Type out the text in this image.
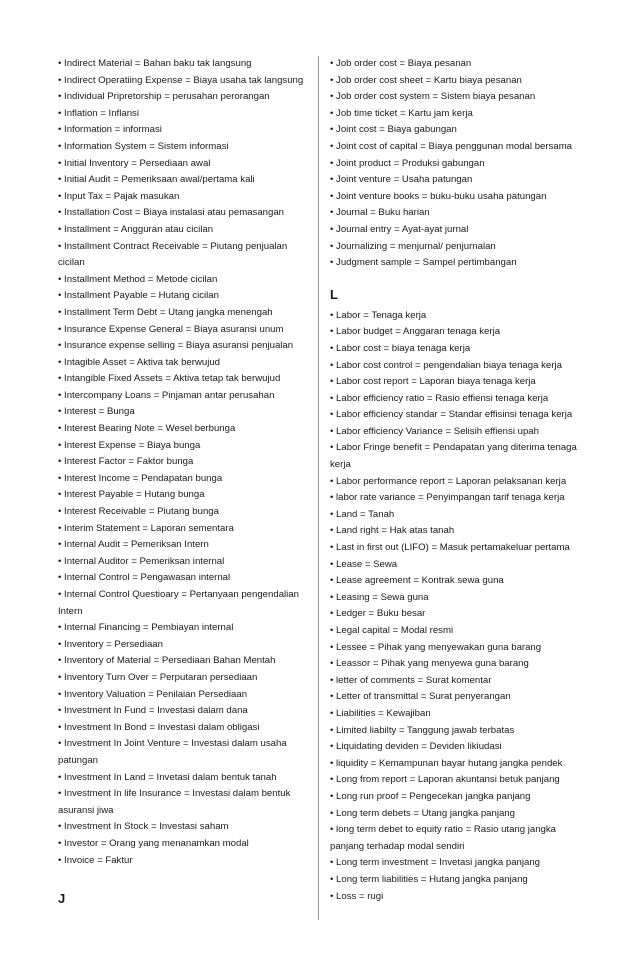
• Indirect Material = Bahan baku tak langsung
• Indirect Operatiing Expense = Biaya usaha tak langsung
• Individual Pripretorship = perusahan perorangan
• Inflation = Inflansi
• Information = informasi
• Information System = Sistem informasi
• Initial Inventory = Persediaan awal
• Initial Audit = Pemeriksaan awal/pertama kali
• Input Tax = Pajak masukan
• Installation Cost = Biaya instalasi atau pemasangan
• Installment = Angguran atau cicilan
• Installment Contract Receivable = Piutang penjualan cicilan
• Installment Method = Metode cicilan
• Installment Payable = Hutang cicilan
• Installment Term Debt = Utang jangka menengah
• Insurance Expense General = Biaya asuransi unum
• Insurance expense selling = Biaya asuransi penjualan
• Intagible Asset = Aktiva tak berwujud
• Intangible Fixed Assets = Aktiva tetap tak berwujud
• Intercompany Loans = Pinjaman antar perusahan
• Interest = Bunga
• Interest Bearing Note = Wesel berbunga
• Interest Expense = Biaya bunga
• Interest Factor = Faktor bunga
• Interest Income = Pendapatan bunga
• Interest Payable = Hutang bunga
• Interest Receivable = Piutang bunga
• Interim Statement = Laporan sementara
• Internal Audit = Pemeriksan Intern
• Internal Auditor = Pemeriksan internal
• Internal Control = Pengawasan internal
• Internal Control Questioary = Pertanyaan pengendalian Intern
• Internal Financing = Pembiayan internal
• Inventory = Persediaan
• Inventory of Material = Persediaan Bahan Mentah
• Inventory Turn Over = Perputaran persediaan
• Inventory Valuation = Penilaian Persediaan
• Investment In Fund = Investasi dalam dana
• Investment In Bond = Investasi dalam obligasi
• Investment In Joint Venture = Investasi dalam usaha patungan
• Investment In Land = Invetasi dalam bentuk tanah
• Investment In life Insurance = Investasi dalam bentuk asuransi jiwa
• Investment In Stock = Investasi saham
• Investor = Orang yang menanamkan modal
• Invoice = Faktur
J
• Job order cost = Biaya pesanan
• Job order cost sheet = Kartu biaya pesanan
• Job order cost system = Sistem biaya pesanan
• Job time ticket = Kartu jam kerja
• Joint cost = Biaya gabungan
• Joint cost of capital = Biaya penggunan modal bersama
• Joint product = Produksi gabungan
• Joint venture = Usaha patungan
• Joint venture books = buku-buku usaha patungan
• Journal = Buku harian
• Journal entry = Ayat-ayat jurnal
• Journalizing = menjurnal/ penjurnalan
• Judgment sample = Sampel pertimbangan
L
• Labor = Tenaga kerja
• Labor budget = Anggaran tenaga kerja
• Labor cost = biaya tenaga kerja
• Labor cost control = pengendalian biaya tenaga kerja
• Labor cost report = Laporan biaya tenaga kerja
• Labor efficiency ratio = Rasio effiensi tenaga kerja
• Labor efficiency standar = Standar effisinsi tenaga kerja
• Labor efficiency Variance = Selisih effiensi upah
• Labor Fringe benefit = Pendapatan yang diterima tenaga kerja
• Labor performance report = Laporan pelaksanan kerja
• labor rate variance = Penyimpangan tarif tenaga kerja
• Land = Tanah
• Land right = Hak atas tanah
• Last in first out (LIFO) = Masuk pertamakeluar pertama
• Lease = Sewa
• Lease agreement = Kontrak sewa guna
• Leasing = Sewa guna
• Ledger = Buku besar
• Legal capital = Modal resmi
• Lessee = Pihak yang menyewakan guna barang
• Leassor = Pihak yang menyewa guna barang
• letter of comments = Surat komentar
• Letter of transmittal = Surat penyerangan
• Liabilities = Kewajiban
• Limited liabilty = Tanggung jawab terbatas
• Liquidating deviden = Deviden likiudasi
• liquidity = Kemampunan bayar hutang jangka pendek
• Long from report = Laporan akuntansi betuk panjang
• Long run proof = Pengecekan jangka panjang
• Long term debets = Utang jangka panjang
• long term debet to equity ratio = Rasio utang jangka panjang terhadap modal sendiri
• Long term investment = Invetasi jangka panjang
• Long term liabilities = Hutang jangka panjang
• Loss = rugi
